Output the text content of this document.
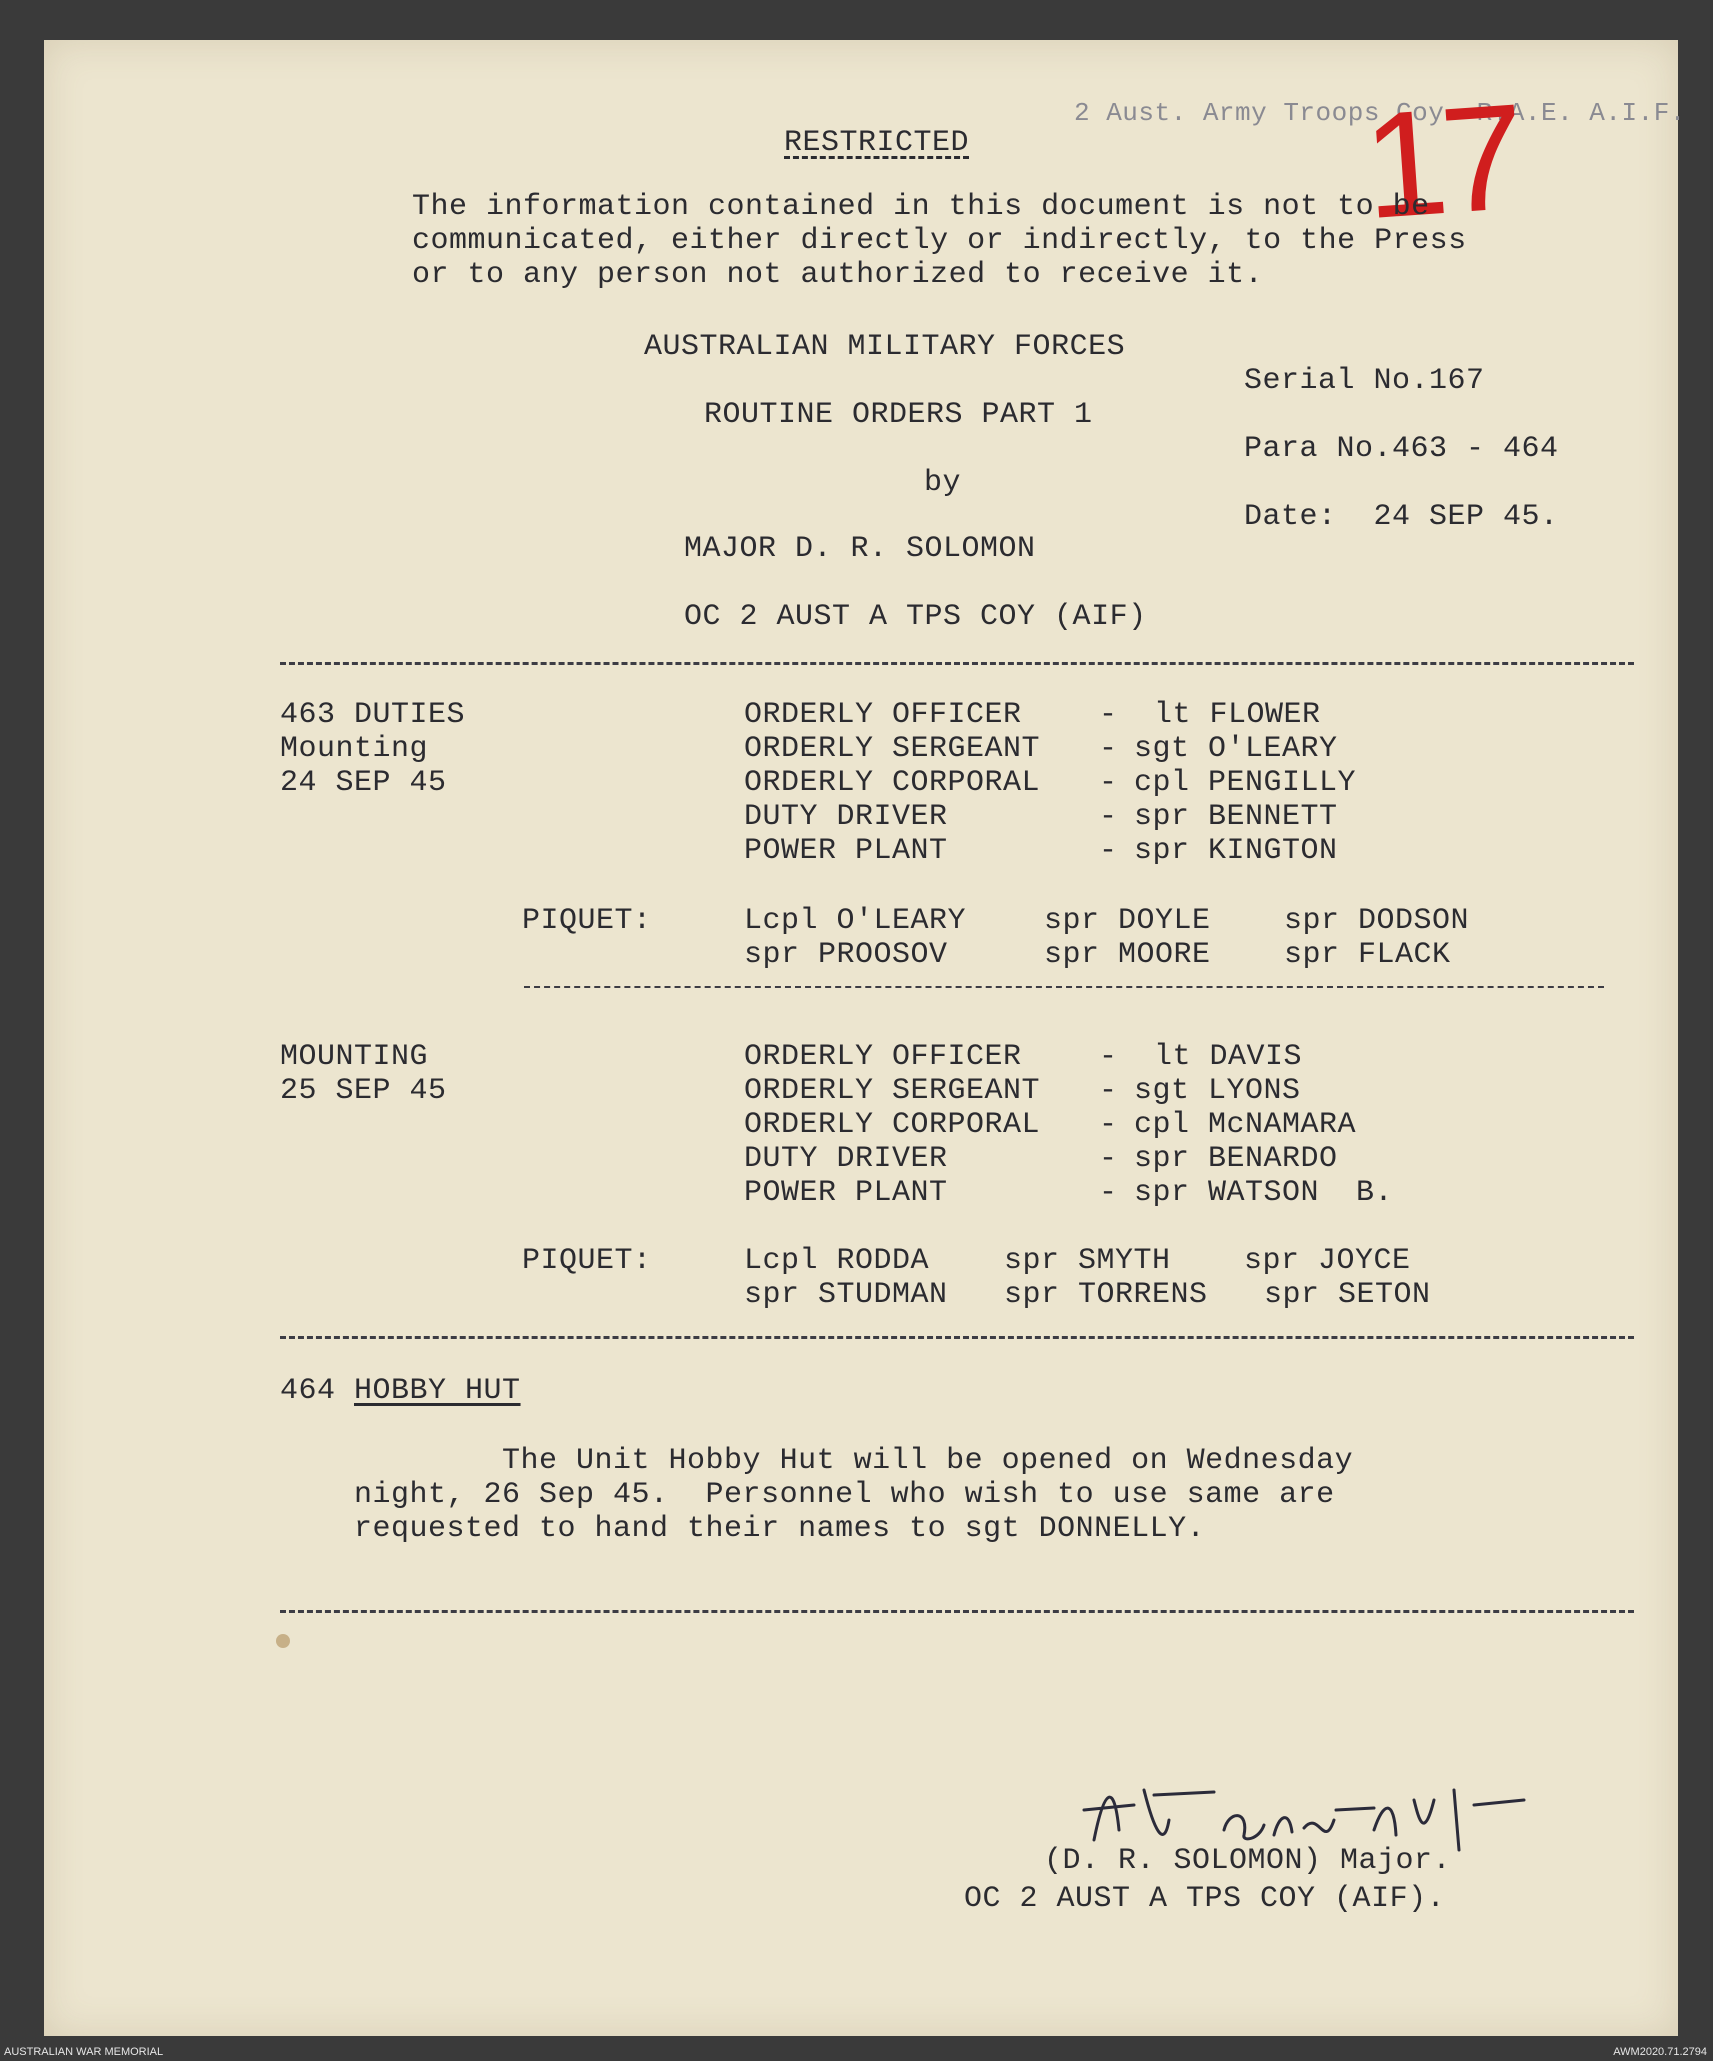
2 Aust. Army Troops Coy. R.A.E. A.I.F.
17
RESTRICTED
The information contained in this document is not to be
communicated, either directly or indirectly, to the Press
or to any person not authorized to receive it.
AUSTRALIAN MILITARY FORCES
ROUTINE ORDERS PART 1
by
MAJOR D. R. SOLOMON
OC 2 AUST A TPS COY (AIF)
Serial No.167
Para No.463 - 464
Date:  24 SEP 45.
463 DUTIES
Mounting
24 SEP 45
ORDERLY OFFICER	- lt FLOWER
ORDERLY SERGEANT - sgt O'LEARY
ORDERLY CORPORAL - cpl PENGILLY
DUTY DRIVER	- spr BENNETT
POWER PLANT	- spr KINGTON
PIQUET:	Lcpl O'LEARY	spr DOYLE spr DODSON
spr PROOSOV	spr MOORE spr FLACK
MOUNTING
25 SEP 45
ORDERLY OFFICER	- lt DAVIS
ORDERLY SERGEANT - sgt LYONS
ORDERLY CORPORAL - cpl McNAMARA
DUTY DRIVER	- spr BENARDO
POWER PLANT	- spr WATSON  B.
PIQUET:	Lcpl RODDA spr SMYTH spr JOYCE
spr STUDMAN spr TORRENS spr SETON
464 HOBBY HUT
The Unit Hobby Hut will be opened on Wednesday
night, 26 Sep 45.  Personnel who wish to use same are
requested to hand their names to sgt DONNELLY.
(D. R. SOLOMON) Major.
OC 2 AUST A TPS COY (AIF).
AUSTRALIAN WAR MEMORIAL	AWM2020.71.2794
